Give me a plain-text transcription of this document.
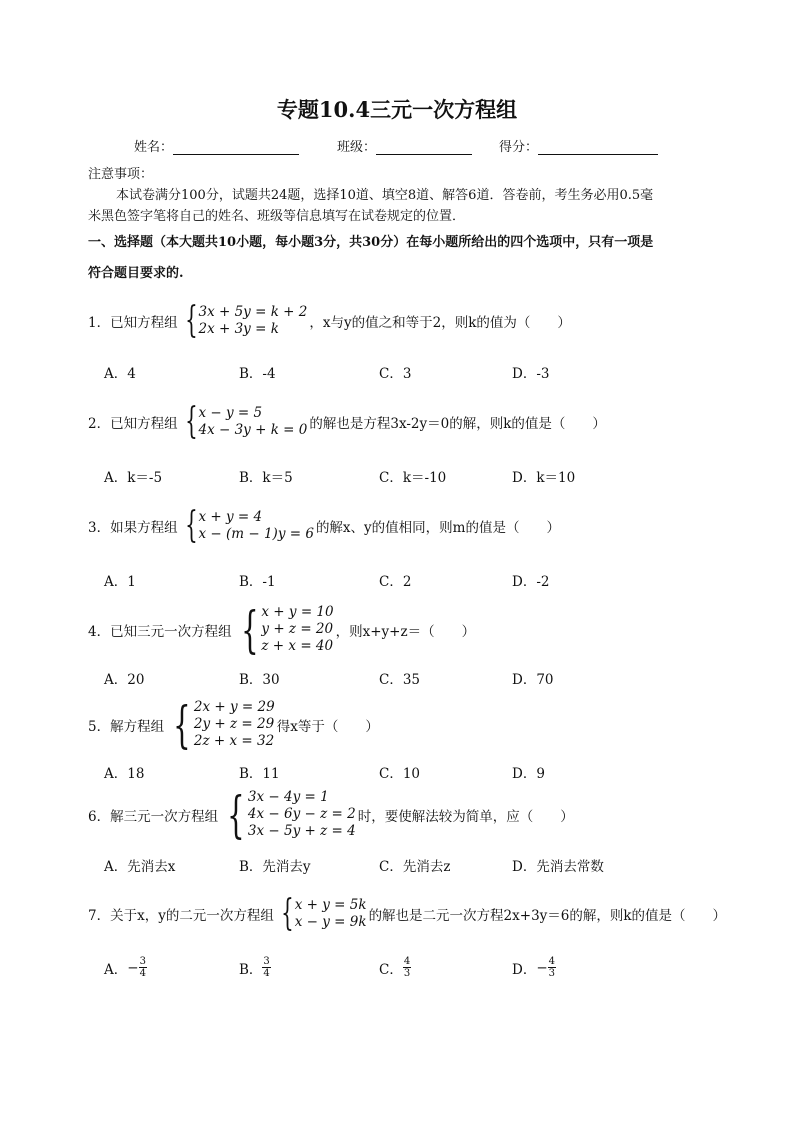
专题10.4三元一次方程组
姓名：	班级：	得分：
注意事项：
本试卷满分100分，试题共24题，选择10道、填空8道、解答6道．答卷前，考生务必用0.5毫
米黑色签字笔将自己的姓名、班级等信息填写在试卷规定的位置．
一、选择题（本大题共10小题，每小题3分，共30分）在每小题所给出的四个选项中，只有一项是
符合题目要求的.
1．已知方程组 { 3x + 5y = k + 2
2x + 3y = k	，x与y的值之和等于2，则k的值为（　　）
A．4	B．-4	C．3	D．-3
2．已知方程组 { x − y = 5
4x − 3y + k = 0 的解也是方程3x-2y＝0的解，则k的值是（　　）
A．k＝-5	B．k＝5	C．k＝-10	D．k＝10
3．如果方程组 { x + y = 4
x − (m − 1)y = 6 的解x、y的值相同，则m的值是（　　）
A．1	B．-1	C．2	D．-2
4．已知三元一次方程组 { x + y = 10
y + z = 20
z + x = 40
，则x+y+z＝（　　）
A．20	B．30	C．35	D．70
5．解方程组 { 2x + y = 29
2y + z = 29
2z + x = 32
得x等于（　　）
A．18	B．11	C．10	D．9
6．解三元一次方程组 { 3x − 4y = 1
4x − 6y − z = 2
3x − 5y + z = 4
时，要使解法较为简单，应（　　）
A．先消去x	B．先消去y	C．先消去z	D．先消去常数
7．关于x，y的二元一次方程组 { x + y = 5k
x − y = 9k 的解也是二元一次方程2x+3y＝6的解，则k的值是（　　）
A． − $\frac{3}{4}$	B． $\frac{3}{4}$	C． $\frac{4}{3}$	D． − $\frac{4}{3}$
